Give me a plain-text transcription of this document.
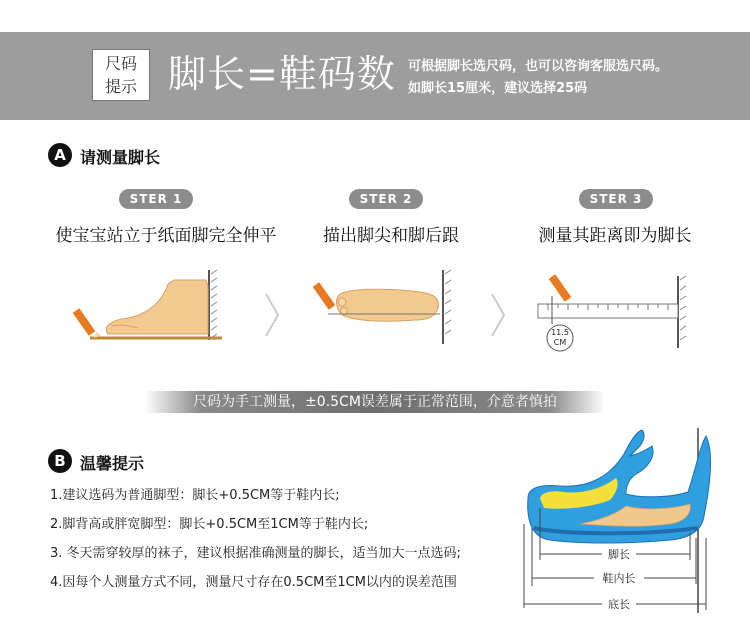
尺码
提示 脚长=鞋码数 可根据脚长选尺码，也可以咨询客服选尺码。
如脚长15厘米，建议选择25码
A 请测量脚长
STER 1	STER 2	STER 3
使宝宝站立于纸面脚完全伸平	描出脚尖和脚后跟	测量其距离即为脚长
11.5
CM
尺码为手工测量，±0.5CM误差属于正常范围，介意者慎拍
B 温馨提示
1.建议选码为普通脚型：脚长+0.5CM等于鞋内长;
2.脚背高或胖宽脚型：脚长+0.5CM至1CM等于鞋内长;
3. 冬天需穿较厚的袜子，建议根据准确测量的脚长，适当加大一点选码;
4.因每个人测量方式不同，测量尺寸存在0.5CM至1CM以内的误差范围
脚长
鞋内长
底长
